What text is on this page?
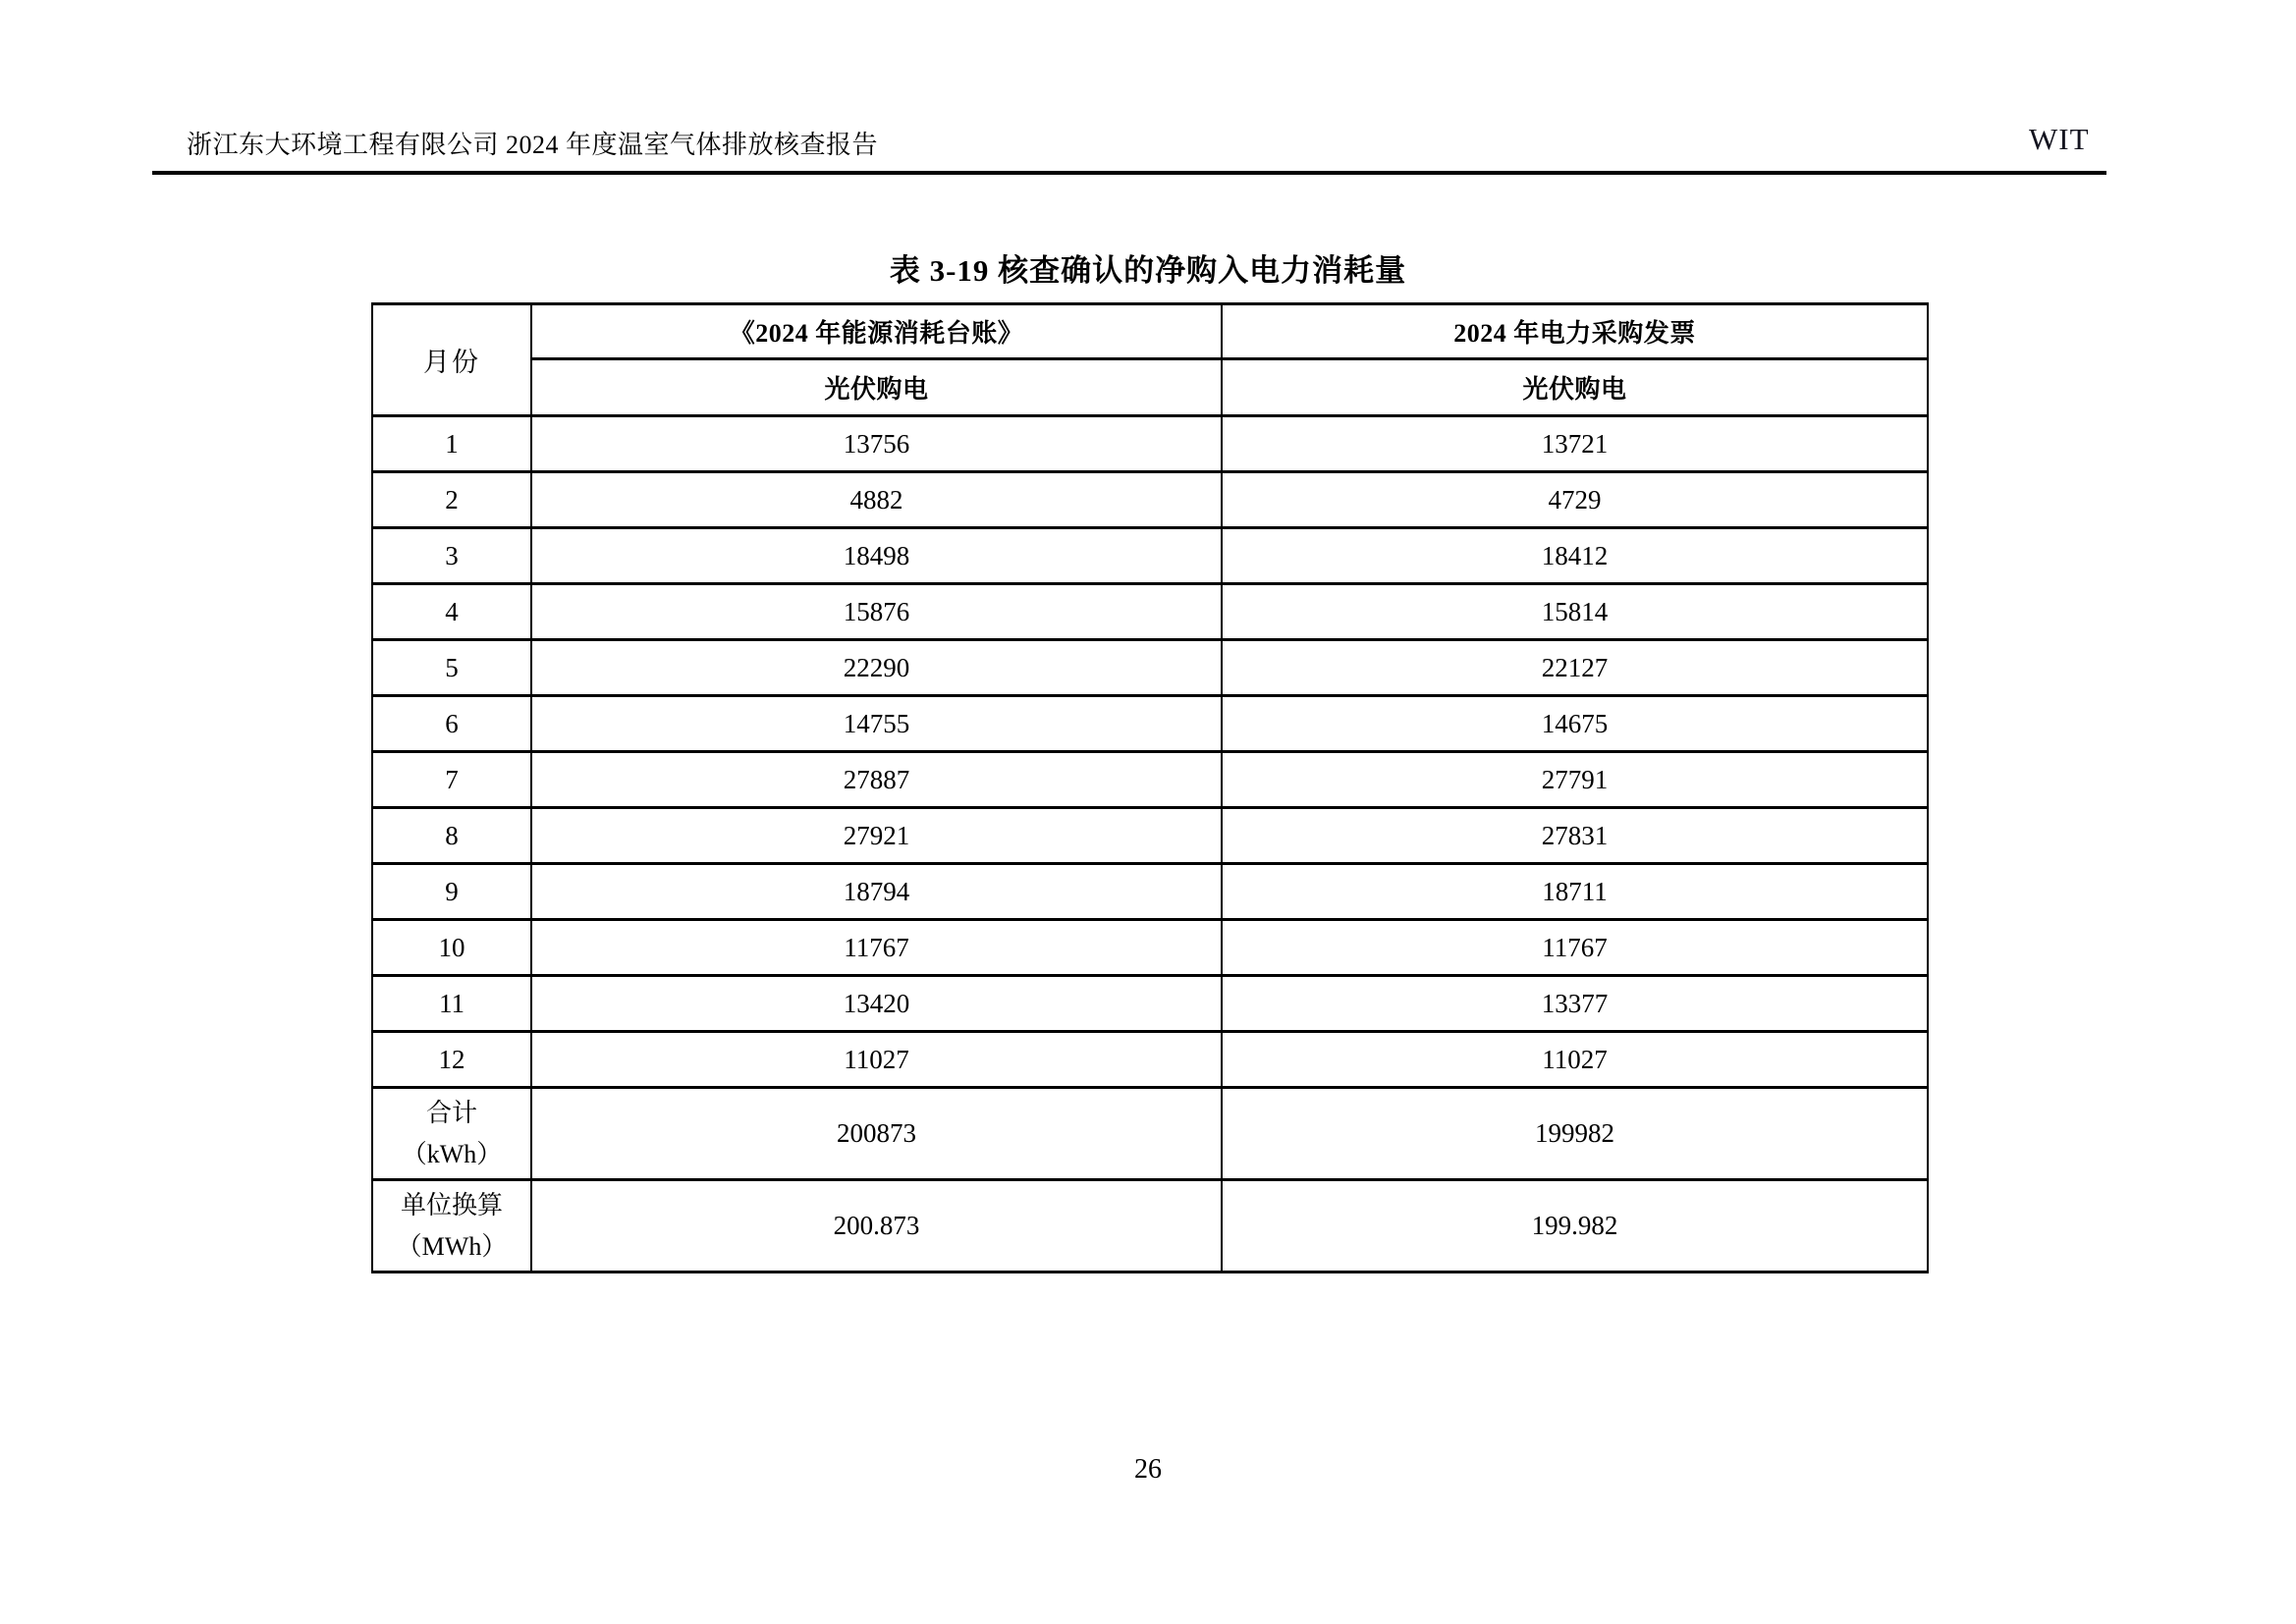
浙江东大环境工程有限公司 2024 年度温室气体排放核查报告	WIT
表 3-19 核查确认的净购入电力消耗量
月份	《2024 年能源消耗台账》	2024 年电力采购发票
	光伏购电	光伏购电
1	13756	13721
2	4882	4729
3	18498	18412
4	15876	15814
5	22290	22127
6	14755	14675
7	27887	27791
8	27921	27831
9	18794	18711
10	11767	11767
11	13420	13377
12	11027	11027

合计
（kWh）	200873	199982

单位换算
（MWh）	200.873	199.982
26
